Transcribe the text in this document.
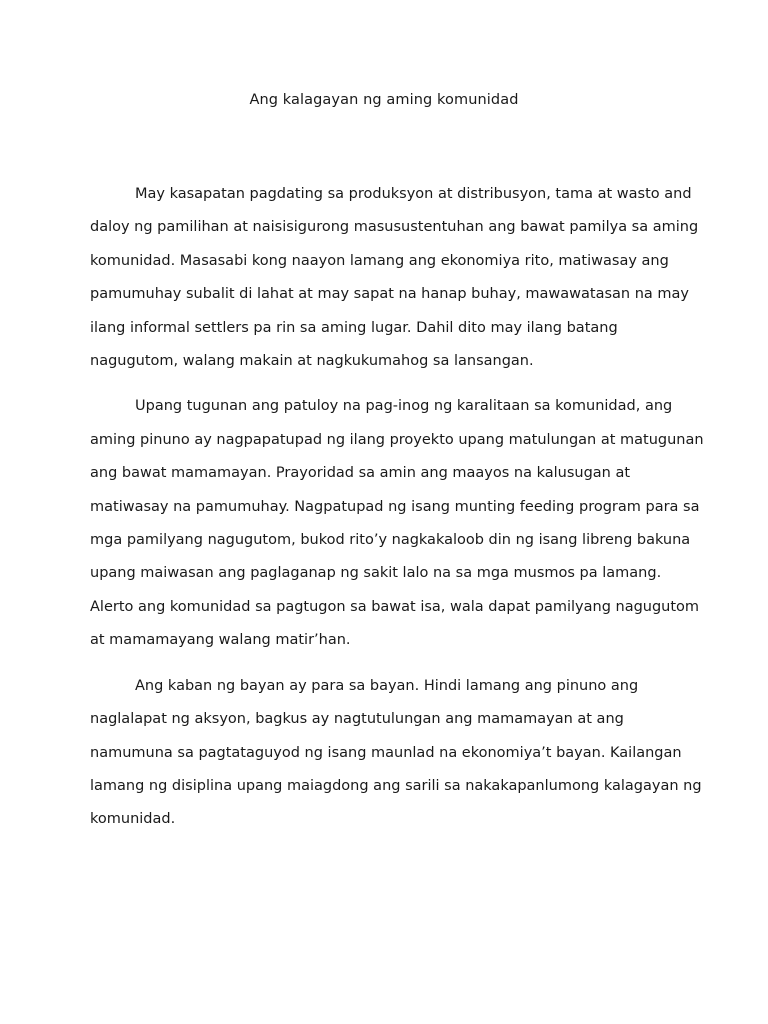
Ang kalagayan ng aming komunidad

May kasapatan pagdating sa produksyon at distribusyon, tama at wasto and
daloy ng pamilihan at naisisigurong masusustentuhan ang bawat pamilya sa aming
komunidad. Masasabi kong naayon lamang ang ekonomiya rito, matiwasay ang
pamumuhay subalit di lahat at may sapat na hanap buhay, mawawatasan na may
ilang informal settlers pa rin sa aming lugar. Dahil dito may ilang batang
nagugutom, walang makain at nagkukumahog sa lansangan.

Upang tugunan ang patuloy na pag-inog ng karalitaan sa komunidad, ang
aming pinuno ay nagpapatupad ng ilang proyekto upang matulungan at matugunan
ang bawat mamamayan. Prayoridad sa amin ang maayos na kalusugan at
matiwasay na pamumuhay. Nagpatupad ng isang munting feeding program para sa
mga pamilyang nagugutom, bukod rito’y nagkakaloob din ng isang libreng bakuna
upang maiwasan ang paglaganap ng sakit lalo na sa mga musmos pa lamang.
Alerto ang komunidad sa pagtugon sa bawat isa, wala dapat pamilyang nagugutom
at mamamayang walang matir’han.

Ang kaban ng bayan ay para sa bayan. Hindi lamang ang pinuno ang
naglalapat ng aksyon, bagkus ay nagtutulungan ang mamamayan at ang
namumuna sa pagtataguyod ng isang maunlad na ekonomiya’t bayan. Kailangan
lamang ng disiplina upang maiagdong ang sarili sa nakakapanlumong kalagayan ng
komunidad.
